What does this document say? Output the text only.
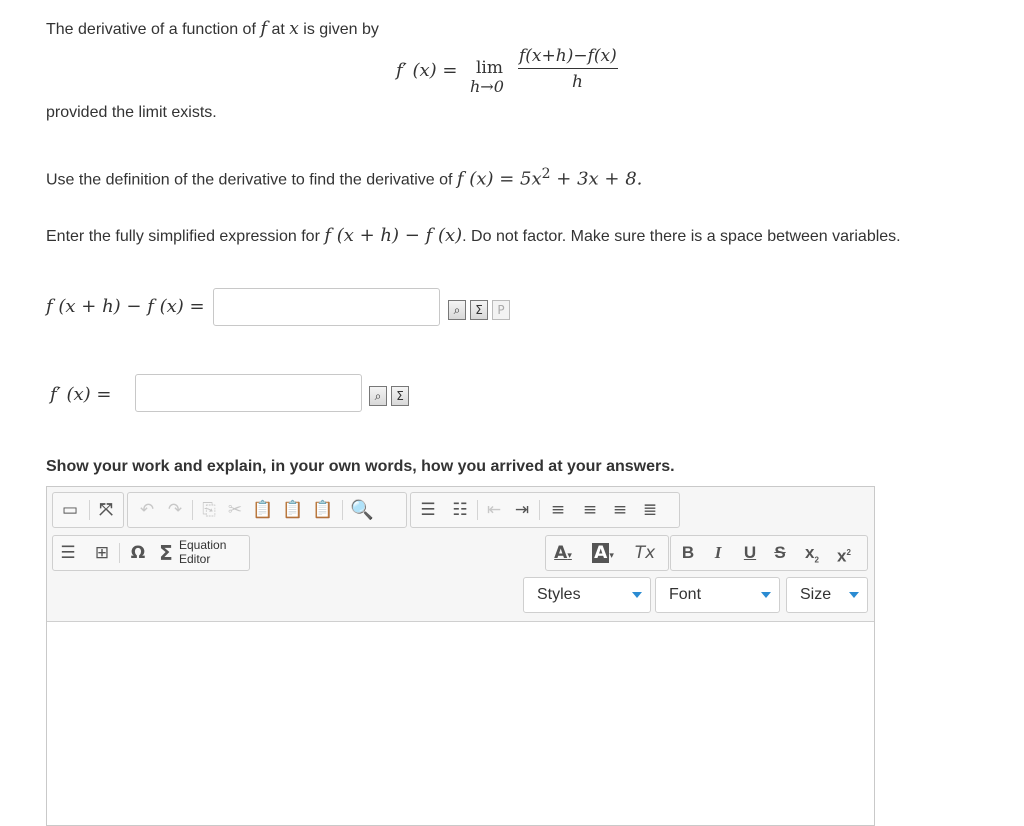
The derivative of a function of f at x is given by
f′ (x) = lim
h→0
f(x+h)−f(x)
h
provided the limit exists.
Use the definition of the derivative to find the derivative of f $(x) = 5x^2 + 3x + 8$.
Enter the fully simplified expression for f (x + h) − f (x). Do not factor. Make sure there is a space between variables.
f (x + h) − f (x) =	⌕	Σ	P
f′ (x) =	⌕	Σ
Show your work and explain, in your own words, how you arrived at your answers.
▭ ⤧ ↶ ↷ ⎘ ✂ 📋 📋 📋 🔍	☰ ☷ ⇤ ⇥ ≡ ≡ ≡ ≣
☰ ⊞ Ω Σ Equation
Editor	A▾ A ▾ Tx B	I	U	S	$x_2$ $x^2$
Styles	Font	Size
